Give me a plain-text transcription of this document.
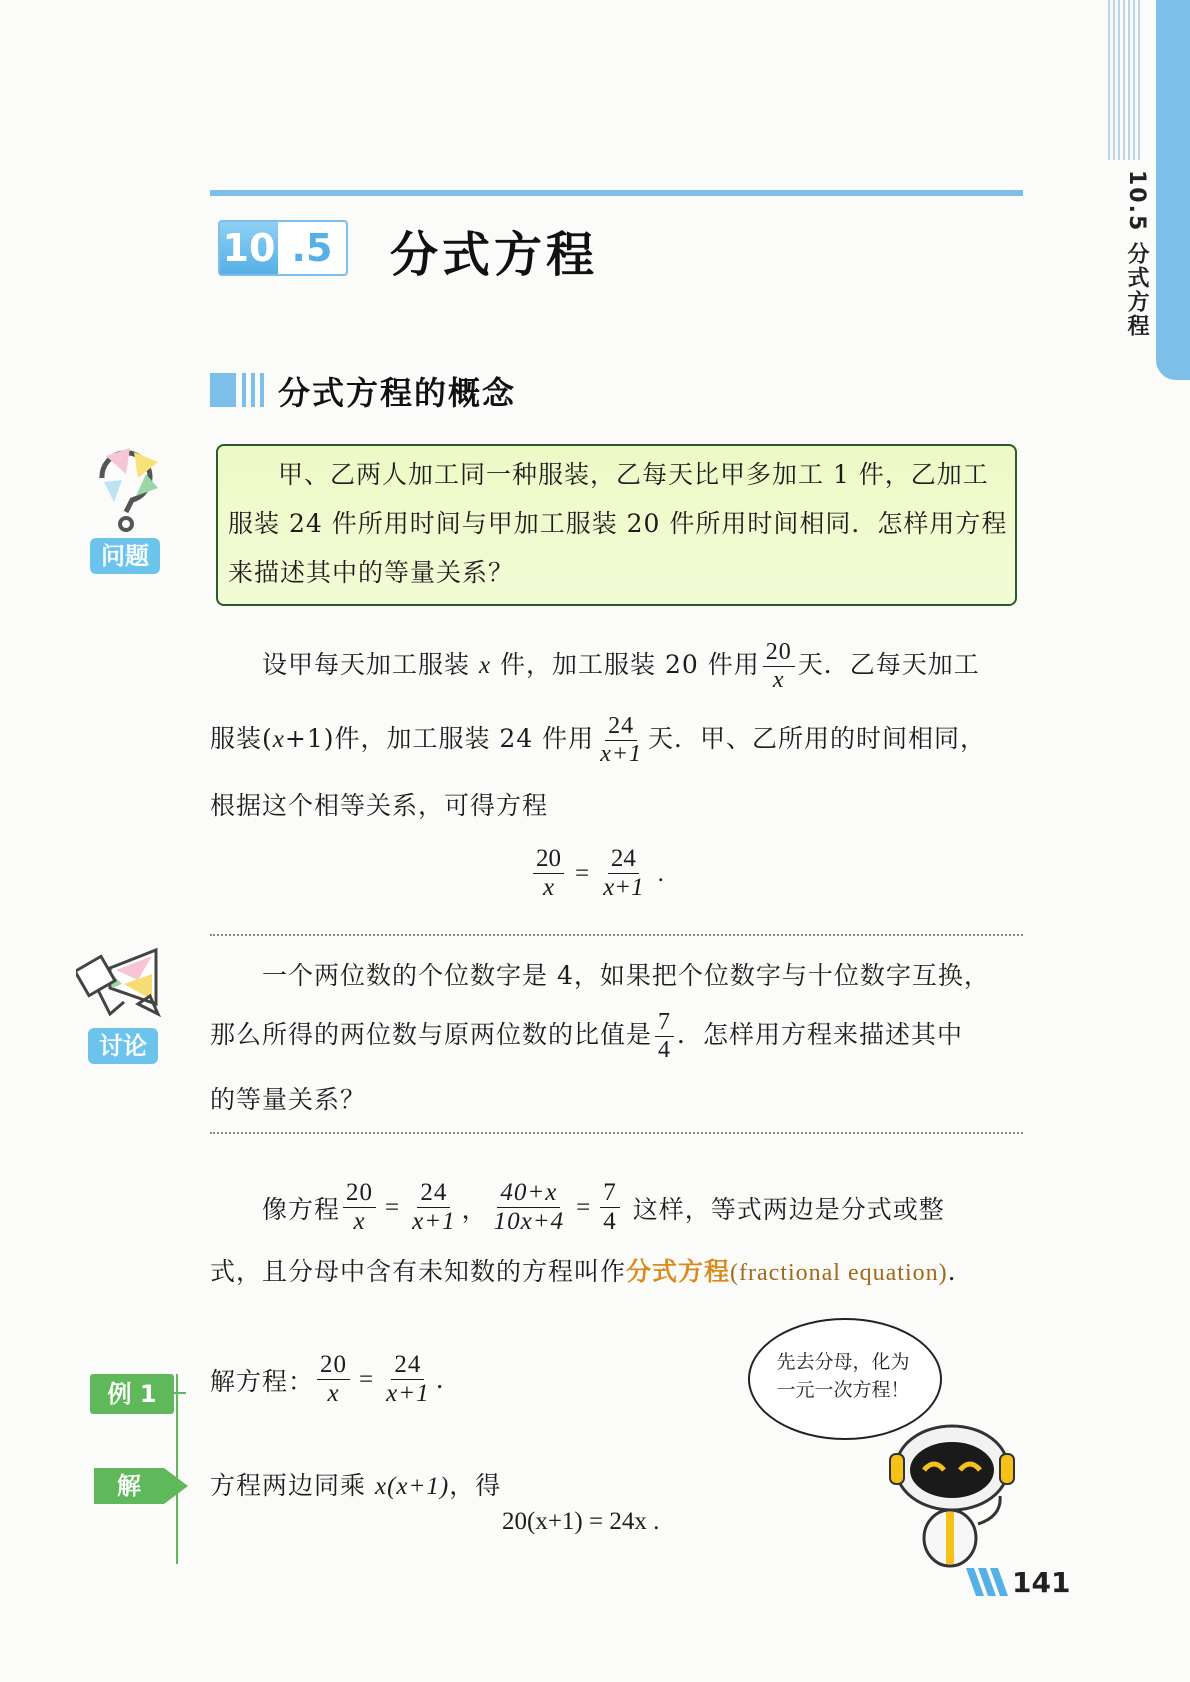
10.5 分式方程
10 .5 分式方程
分式方程的概念
问题
甲、乙两人加工同一种服装，乙每天比甲多加工 1 件，乙加工服装 24 件所用时间与甲加工服装 20 件所用时间相同．怎样用方程来描述其中的等量关系？
设甲每天加工服装 x 件，加工服装 20 件用 $\frac{20}{x}$ 天．乙每天加工
服装(x+1)件，加工服装 24 件用 $\frac{24}{x+1}$ 天．甲、乙所用的时间相同，
根据这个相等关系，可得方程
$\frac{20}{x} = \frac{24}{x+1}$ .
讨论
一个两位数的个位数字是 4，如果把个位数字与十位数字互换，
那么所得的两位数与原两位数的比值是 $\frac{7}{4}$ ．怎样用方程来描述其中
的等量关系？
像方程 $\frac{20}{x} = \frac{24}{x+1}$ ， $\frac{40+x}{10x+4} = \frac{7}{4}$ 这样，等式两边是分式或整
式，且分母中含有未知数的方程叫作分式方程(fractional equation).
例 1	解方程： $\frac{20}{x} = \frac{24}{x+1}$ .
解	方程两边同乘 x(x+1)，得
20(x+1) = 24x .
先去分母，化为
一元一次方程！
141
